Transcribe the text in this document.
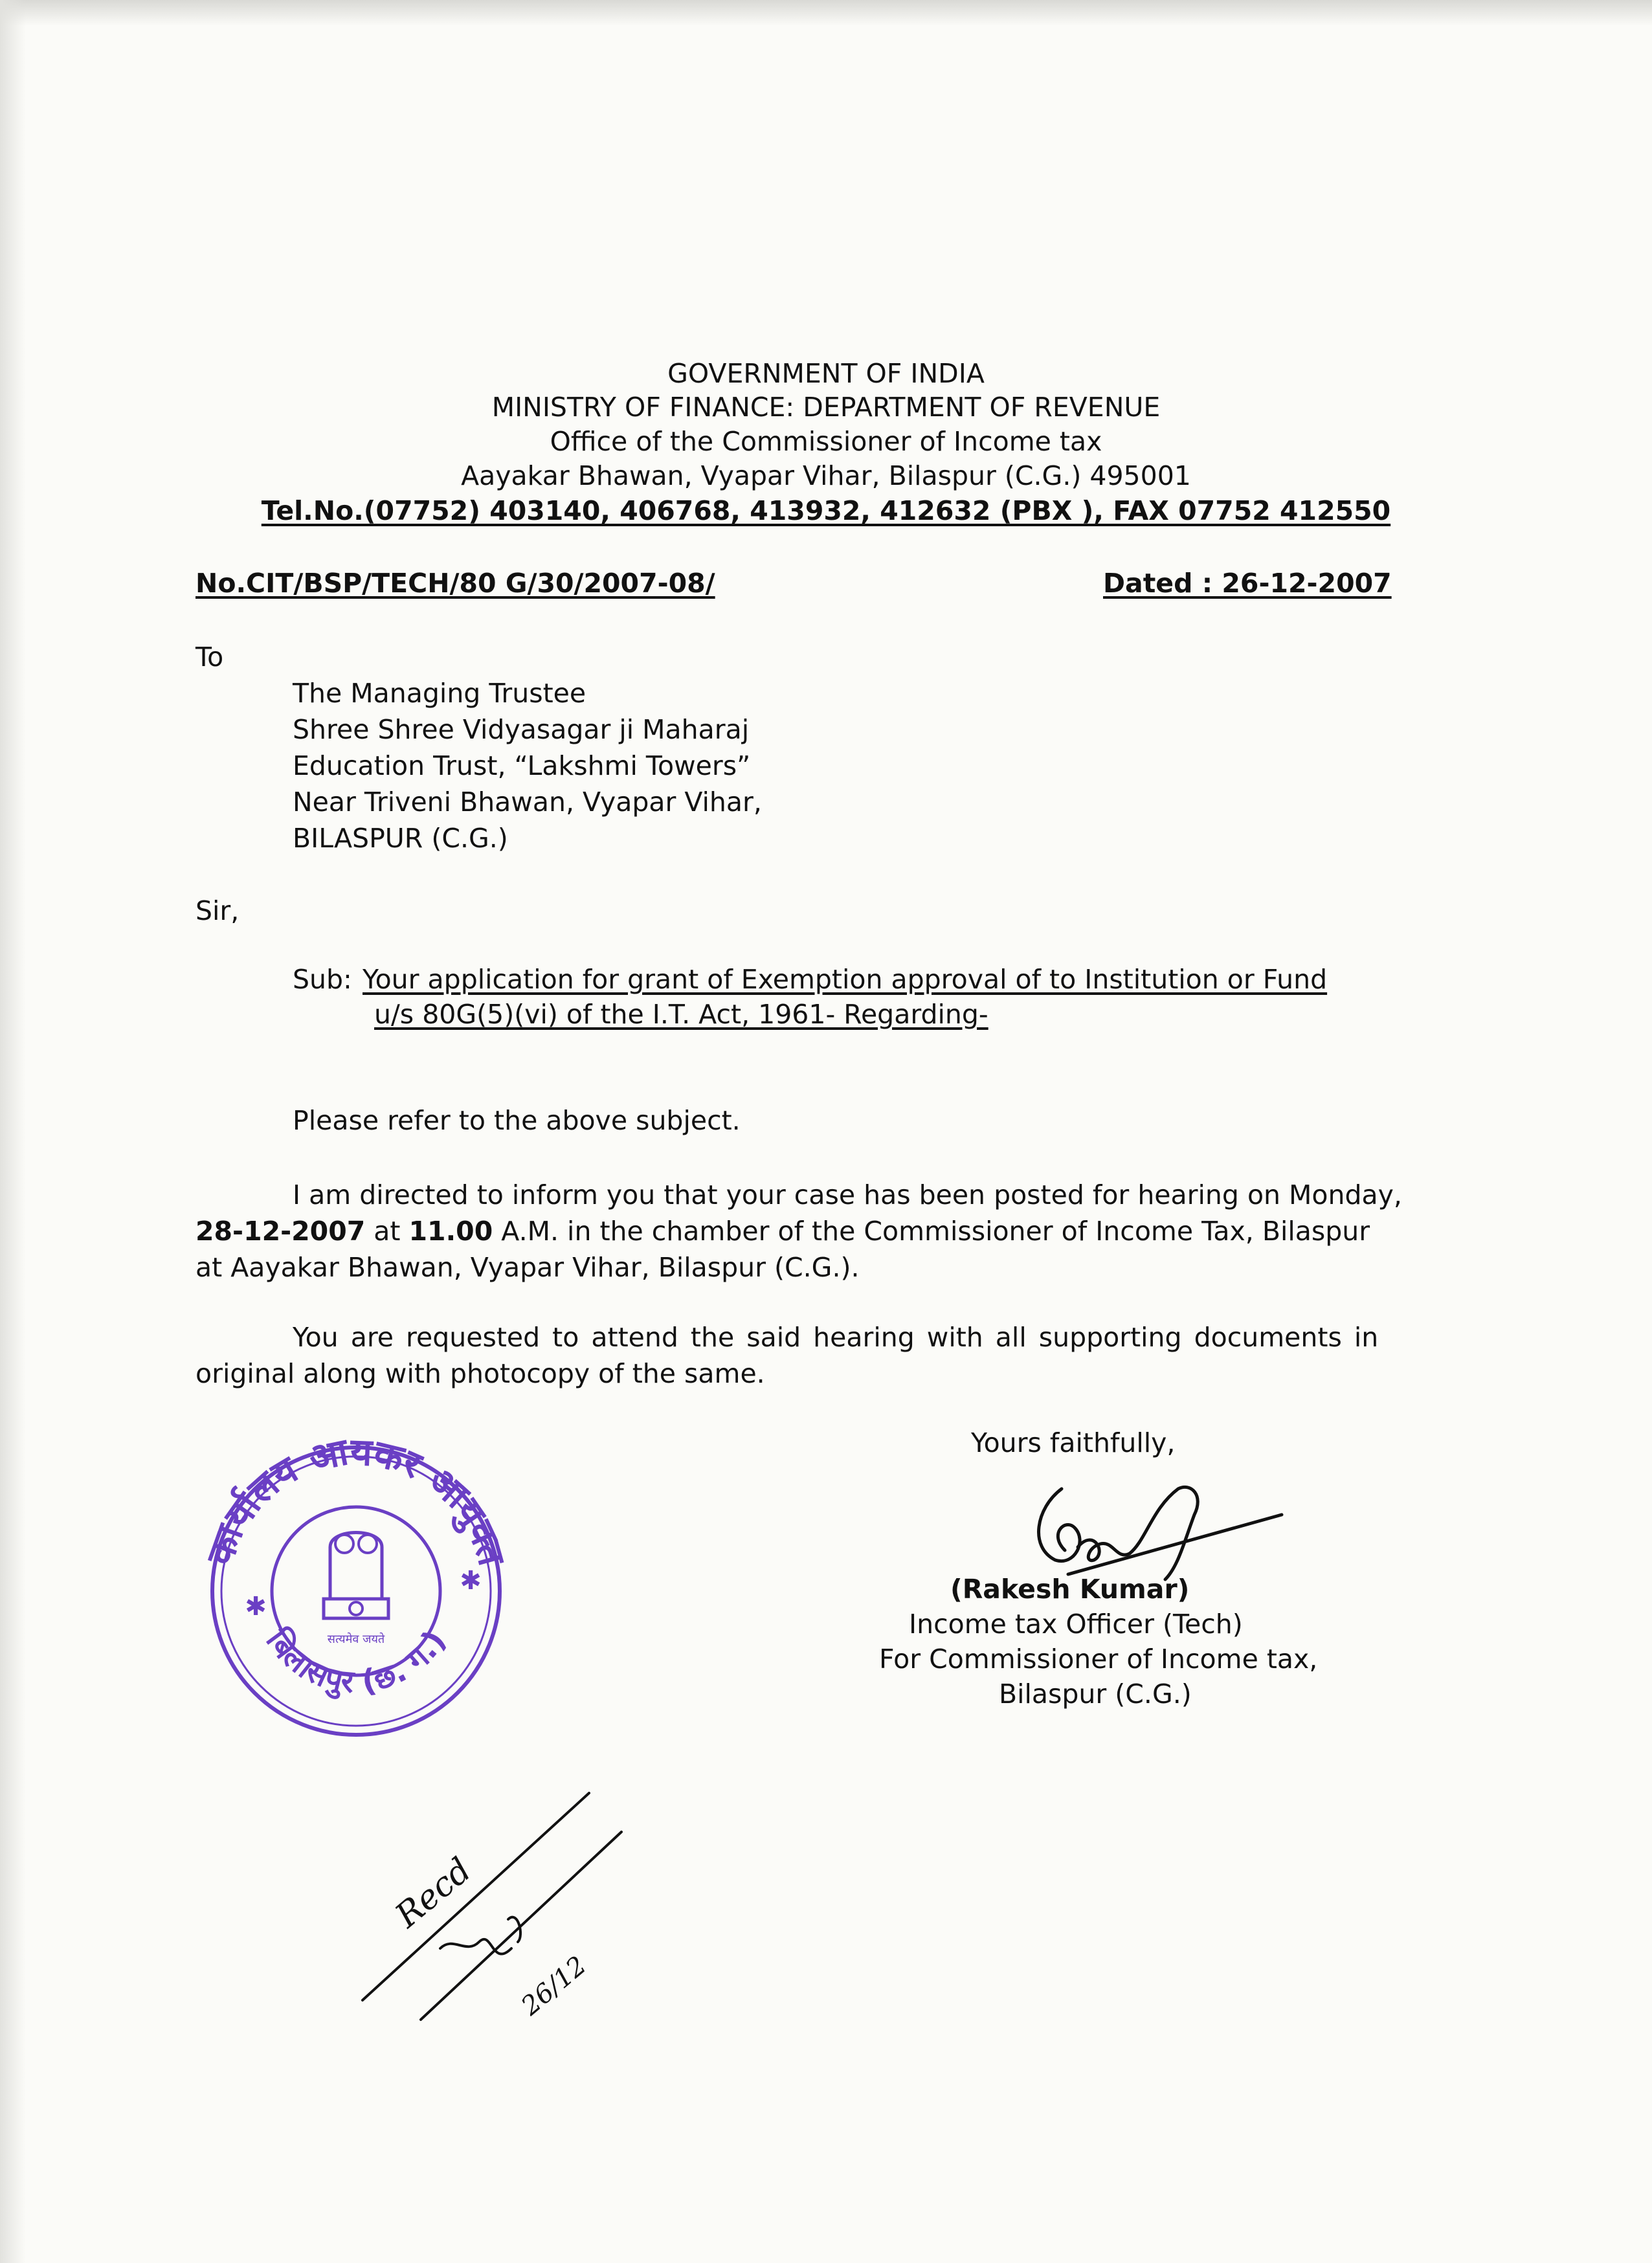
GOVERNMENT OF INDIA
MINISTRY OF FINANCE: DEPARTMENT OF REVENUE
Office of the Commissioner of Income tax
Aayakar Bhawan, Vyapar Vihar, Bilaspur (C.G.) 495001
Tel.No.(07752) 403140, 406768, 413932, 412632 (PBX ), FAX 07752 412550
No.CIT/BSP/TECH/80 G/30/2007-08/	Dated : 26-12-2007
To
The Managing Trustee
Shree Shree Vidyasagar ji Maharaj
Education Trust, “Lakshmi Towers”
Near Triveni Bhawan, Vyapar Vihar,
BILASPUR (C.G.)
Sir,
Sub: Your application for grant of Exemption approval of to Institution or Fund
u/s 80G(5)(vi) of the I.T. Act, 1961- Regarding-
Please refer to the above subject.
I am directed to inform you that your case has been posted for hearing on Monday,
28-12-2007 at 11.00 A.M. in the chamber of the Commissioner of Income Tax, Bilaspur
at Aayakar Bhawan, Vyapar Vihar, Bilaspur (C.G.).
You are requested to attend the said hearing with all supporting documents in
original along with photocopy of the same.
Yours faithfully,
(Rakesh Kumar)
Income tax Officer (Tech)
For Commissioner of Income tax,
Bilaspur (C.G.)
कार्यालय आयकर आयुक्त
बिलासपुर (छ. ग.)
सत्यमेव जयते
✱
✱
Recd
26/12
